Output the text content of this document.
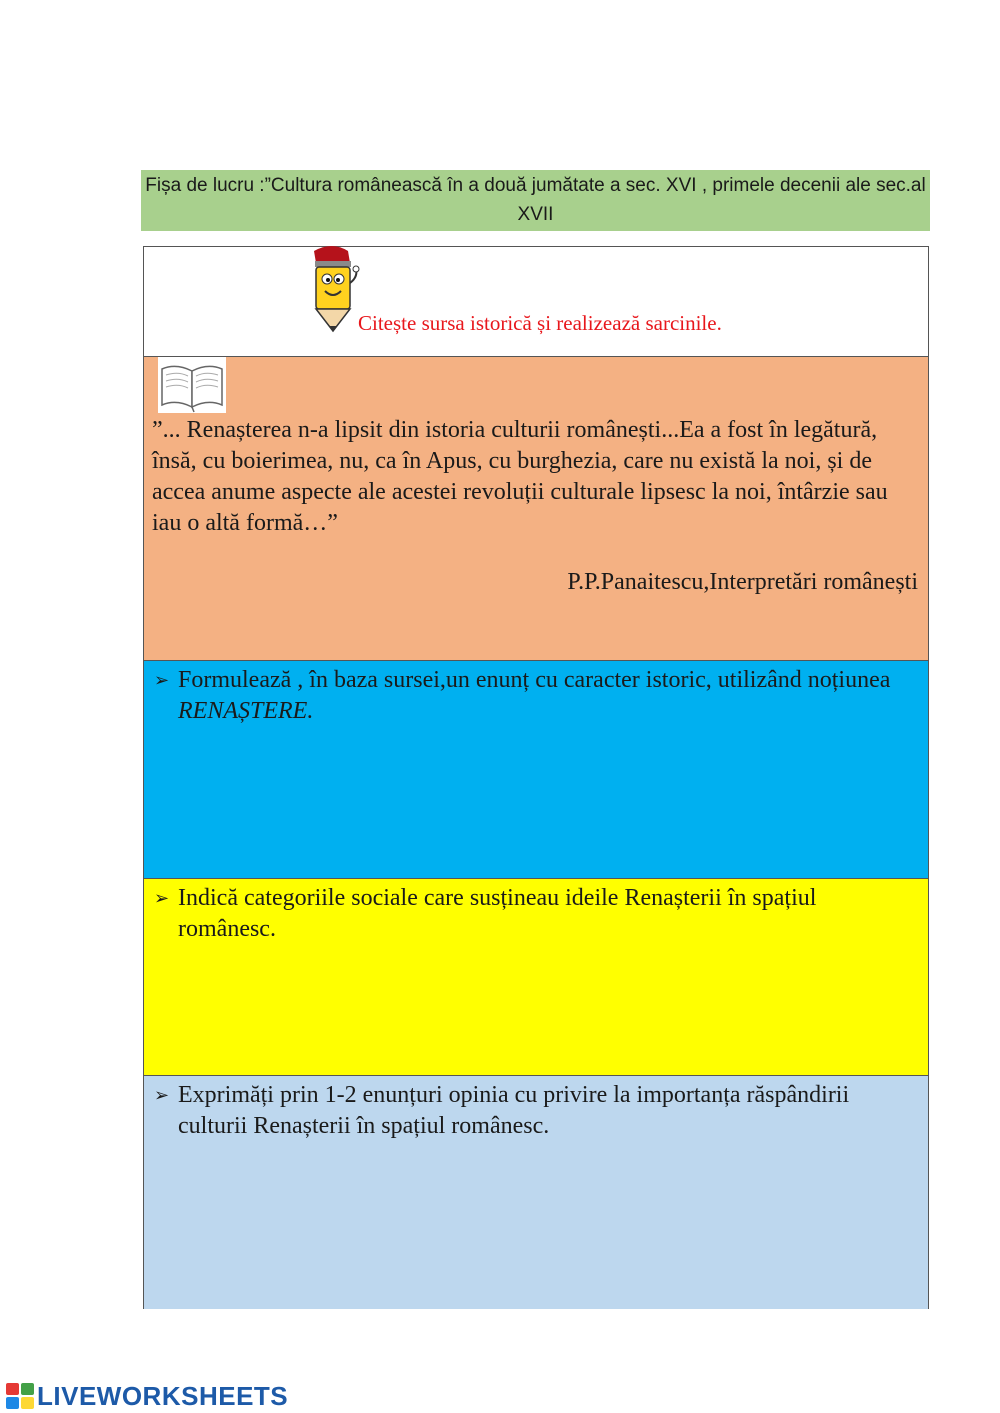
Fișa de lucru :”Cultura românească în a două jumătate a sec. XVI , primele decenii ale sec.al XVII
Citește sursa istorică și realizează sarcinile.
”... Renașterea n-a lipsit din istoria culturii românești...Ea a fost în legătură, însă, cu boierimea, nu, ca în Apus, cu burghezia, care nu există la noi, și de accea anume aspecte ale acestei revoluții culturale lipsesc la noi, întârzie sau iau o altă formă…”
P.P.Panaitescu,Interpretări românești
➢ Formulează , în baza sursei,un enunț cu caracter istoric, utilizând noțiunea RENAȘTERE.
➢ Indică categoriile sociale care susțineau ideile Renașterii în spațiul românesc.
➢ Exprimăți prin 1-2 enunțuri opinia cu privire la importanța răspândirii culturii Renașterii în spațiul românesc.
LIVEWORKSHEETS
